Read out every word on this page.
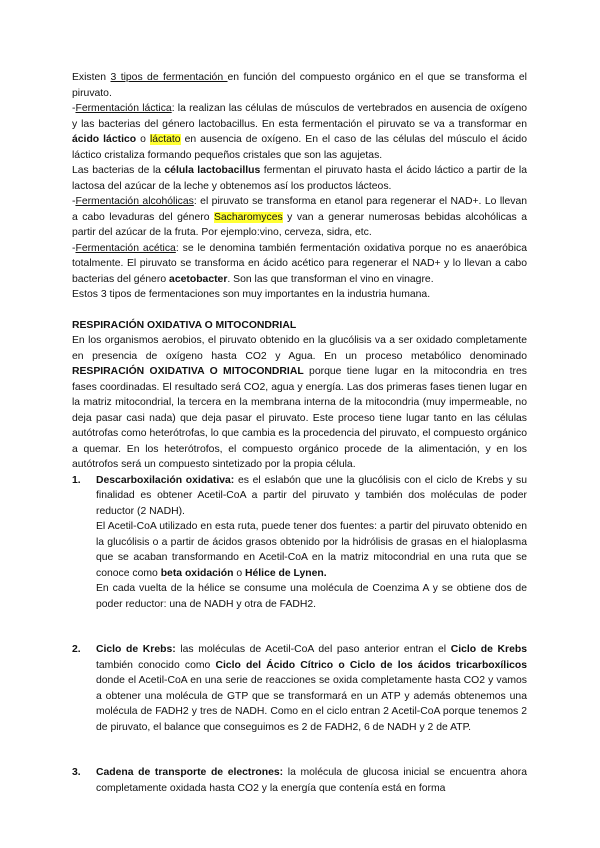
Existen 3 tipos de fermentación en función del compuesto orgánico en el que se transforma el piruvato.

-Fermentación láctica: la realizan las células de músculos de vertebrados en ausencia de oxígeno y las bacterias del género lactobacillus. En esta fermentación el piruvato se va a transformar en ácido láctico o láctato en ausencia de oxígeno. En el caso de las células del músculo el ácido láctico cristaliza formando pequeños cristales que son las agujetas.

Las bacterias de la célula lactobacillus fermentan el piruvato hasta el ácido láctico a partir de la lactosa del azúcar de la leche y obtenemos así los productos lácteos.

-Fermentación alcohólicas: el piruvato se transforma en etanol para regenerar el NAD+. Lo llevan a cabo levaduras del género Sacharomyces y van a generar numerosas bebidas alcohólicas a partir del azúcar de la fruta. Por ejemplo:vino, cerveza, sidra, etc.

-Fermentación acética: se le denomina también fermentación oxidativa porque no es anaeróbica totalmente. El piruvato se transforma en ácido acético para regenerar el NAD+ y lo llevan a cabo bacterias del género acetobacter. Son las que transforman el vino en vinagre.

Estos 3 tipos de fermentaciones son muy importantes en la industria humana.

RESPIRACIÓN OXIDATIVA O MITOCONDRIAL

En los organismos aerobios, el piruvato obtenido en la glucólisis va a ser oxidado completamente en presencia de oxígeno hasta CO2 y Agua. En un proceso metabólico denominado RESPIRACIÓN OXIDATIVA O MITOCONDRIAL porque tiene lugar en la mitocondria en tres fases coordinadas. El resultado será CO2, agua y energía. Las dos primeras fases tienen lugar en la matriz mitocondrial, la tercera en la membrana interna de la mitocondria (muy impermeable, no deja pasar casi nada) que deja pasar el piruvato. Este proceso tiene lugar tanto en las células autótrofas como heterótrofas, lo que cambia es la procedencia del piruvato, el compuesto orgánico a quemar. En los heterótrofos, el compuesto orgánico procede de la alimentación, y en los autótrofos será un compuesto sintetizado por la propia célula.

1.	Descarboxilación oxidativa: es el eslabón que une la glucólisis con el ciclo de Krebs y su finalidad es obtener Acetil-CoA a partir del piruvato y también dos moléculas de poder reductor (2 NADH).

El Acetil-CoA utilizado en esta ruta, puede tener dos fuentes: a partir del piruvato obtenido en la glucólisis o a partir de ácidos grasos obtenido por la hidrólisis de grasas en el hialoplasma que se acaban transformando en Acetil-CoA en la matriz mitocondrial en una ruta que se conoce como beta oxidación o Hélice de Lynen.

En cada vuelta de la hélice se consume una molécula de Coenzima A y se obtiene dos de poder reductor: una de NADH y otra de FADH2.

2.	Ciclo de Krebs: las moléculas de Acetil-CoA del paso anterior entran el Ciclo de Krebs también conocido como Ciclo del Ácido Cítrico o Ciclo de los ácidos tricarboxílicos donde el Acetil-CoA en una serie de reacciones se oxida completamente hasta CO2 y vamos a obtener una molécula de GTP que se transformará en un ATP y además obtenemos una molécula de FADH2 y tres de NADH. Como en el ciclo entran 2 Acetil-CoA porque tenemos 2 de piruvato, el balance que conseguimos es 2 de FADH2, 6 de NADH y 2 de ATP.

3.	Cadena de transporte de electrones: la molécula de glucosa inicial se encuentra ahora completamente oxidada hasta CO2 y la energía que contenía está en forma
